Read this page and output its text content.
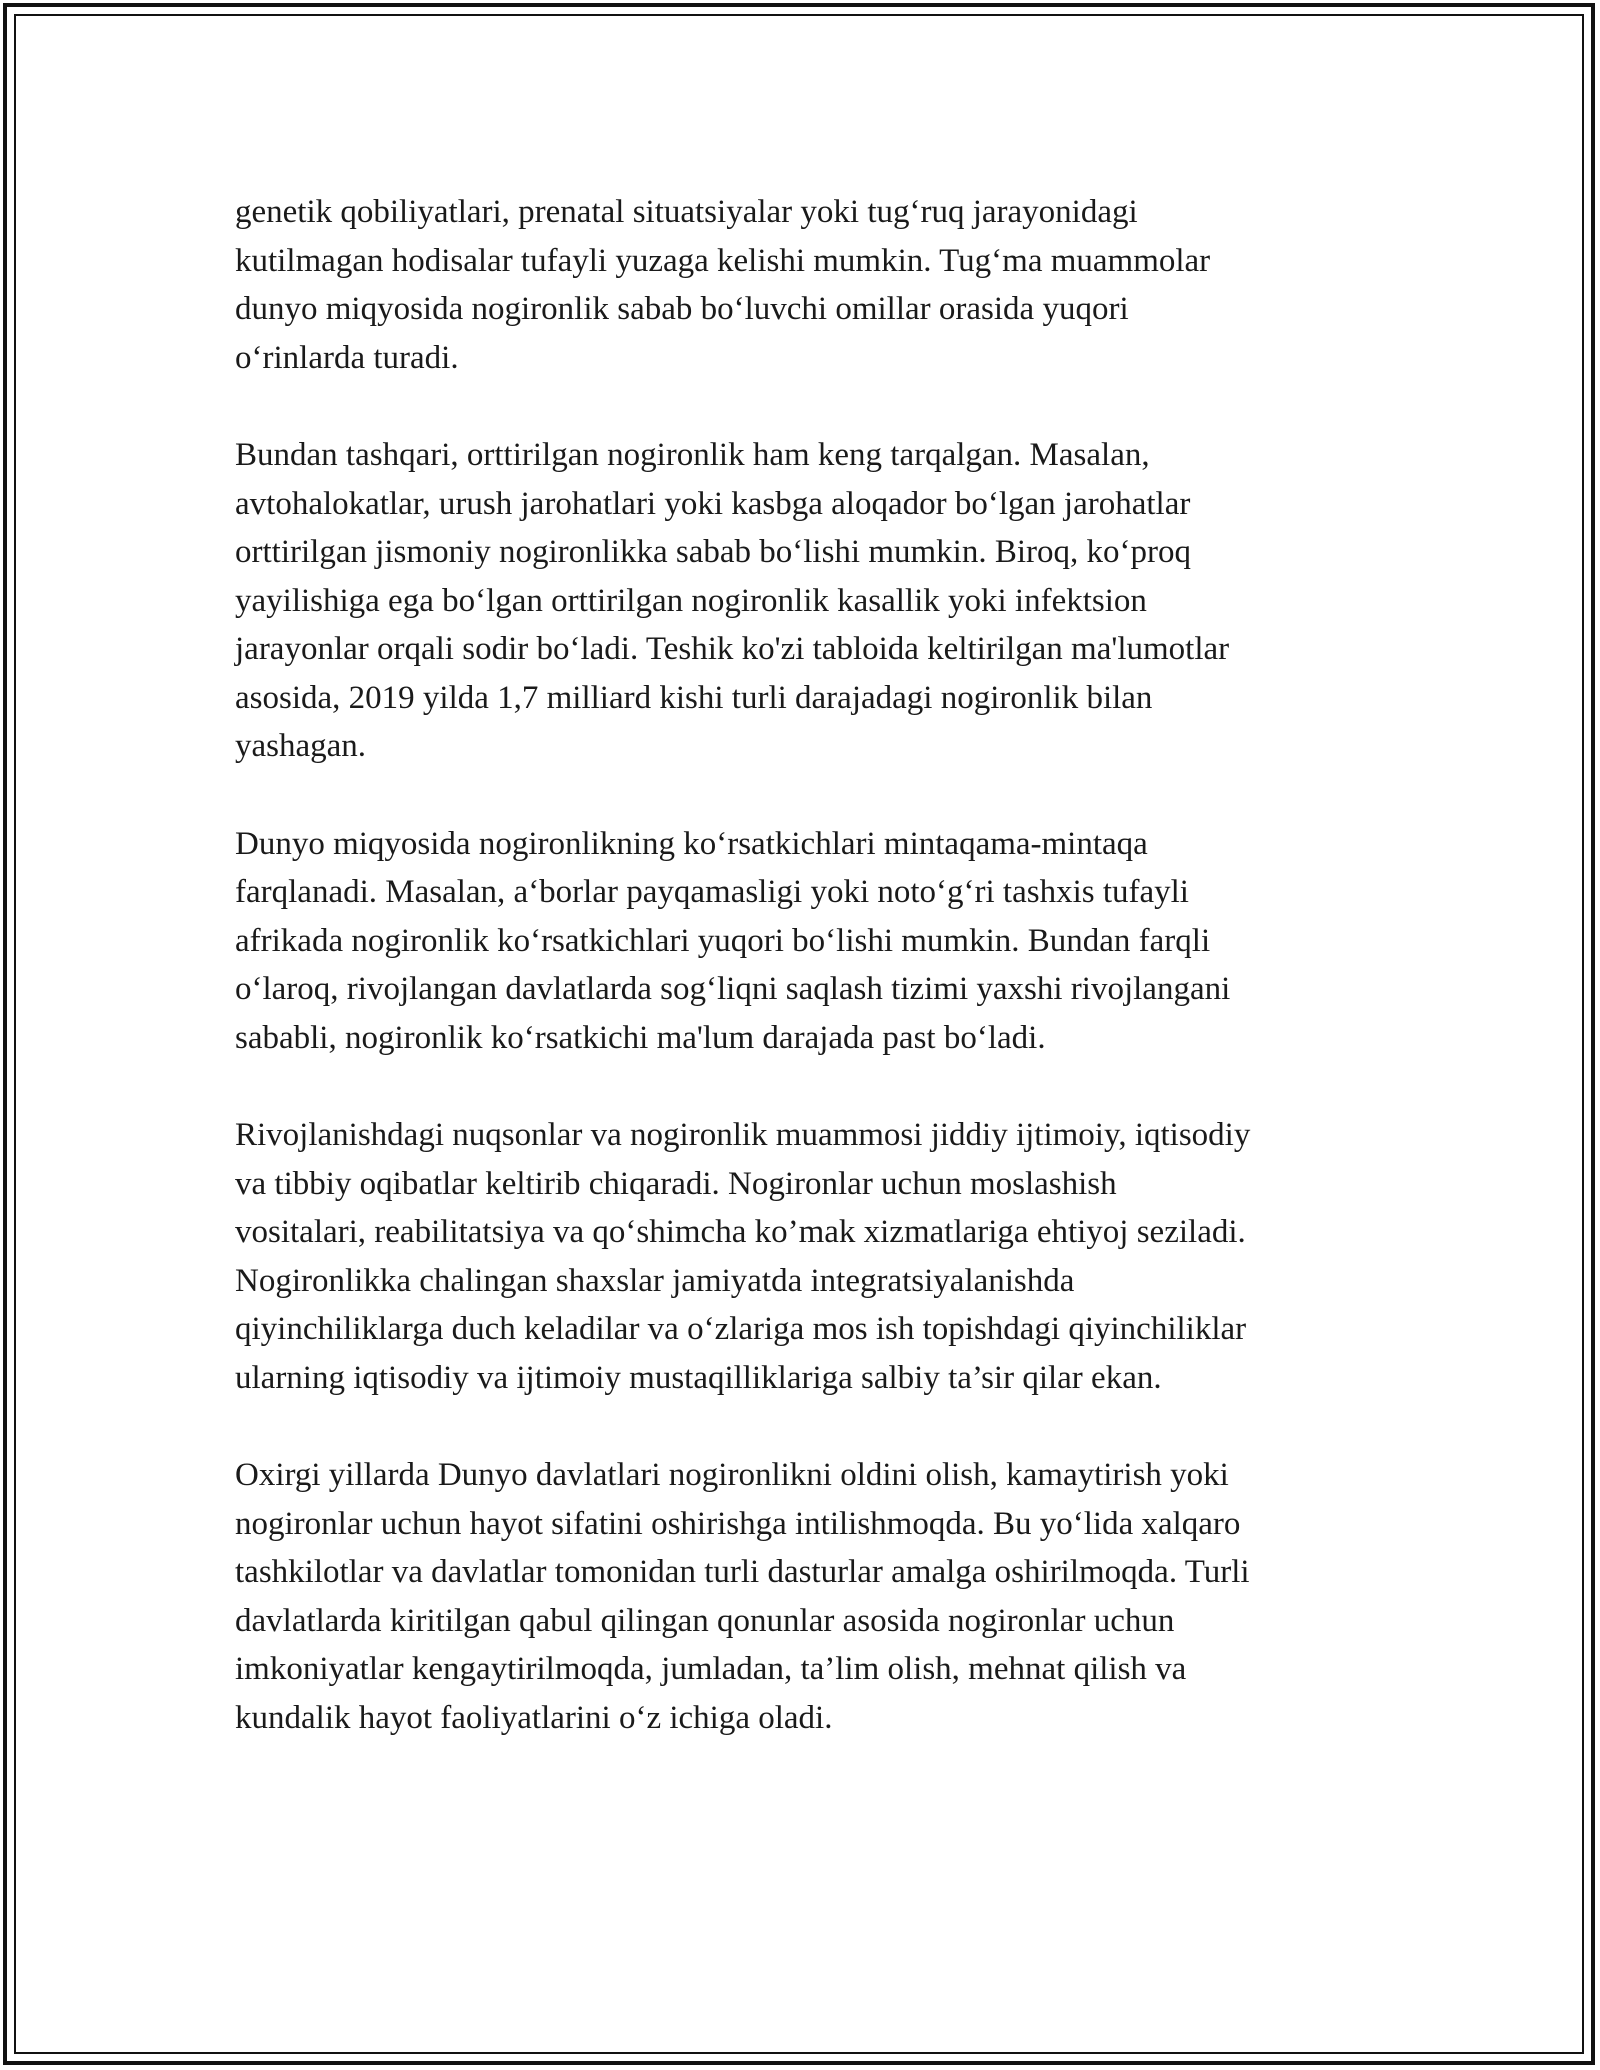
genetik qobiliyatlari, prenatal situatsiyalar yoki tug‘ruq jarayonidagi
kutilmagan hodisalar tufayli yuzaga kelishi mumkin. Tug‘ma muammolar
dunyo miqyosida nogironlik sabab bo‘luvchi omillar orasida yuqori
o‘rinlarda turadi.

Bundan tashqari, orttirilgan nogironlik ham keng tarqalgan. Masalan,
avtohalokatlar, urush jarohatlari yoki kasbga aloqador bo‘lgan jarohatlar
orttirilgan jismoniy nogironlikka sabab bo‘lishi mumkin. Biroq, ko‘proq
yayilishiga ega bo‘lgan orttirilgan nogironlik kasallik yoki infektsion
jarayonlar orqali sodir bo‘ladi. Teshik ko'zi tabloida keltirilgan ma'lumotlar
asosida, 2019 yilda 1,7 milliard kishi turli darajadagi nogironlik bilan
yashagan.

Dunyo miqyosida nogironlikning ko‘rsatkichlari mintaqama-mintaqa
farqlanadi. Masalan, a‘borlar payqamasligi yoki noto‘g‘ri tashxis tufayli
afrikada nogironlik ko‘rsatkichlari yuqori bo‘lishi mumkin. Bundan farqli
o‘laroq, rivojlangan davlatlarda sog‘liqni saqlash tizimi yaxshi rivojlangani
sababli, nogironlik ko‘rsatkichi ma'lum darajada past bo‘ladi.

Rivojlanishdagi nuqsonlar va nogironlik muammosi jiddiy ijtimoiy, iqtisodiy
va tibbiy oqibatlar keltirib chiqaradi. Nogironlar uchun moslashish
vositalari, reabilitatsiya va qo‘shimcha ko’mak xizmatlariga ehtiyoj seziladi.
Nogironlikka chalingan shaxslar jamiyatda integratsiyalanishda
qiyinchiliklarga duch keladilar va o‘zlariga mos ish topishdagi qiyinchiliklar
ularning iqtisodiy va ijtimoiy mustaqilliklariga salbiy ta’sir qilar ekan.

Oxirgi yillarda Dunyo davlatlari nogironlikni oldini olish, kamaytirish yoki
nogironlar uchun hayot sifatini oshirishga intilishmoqda. Bu yo‘lida xalqaro
tashkilotlar va davlatlar tomonidan turli dasturlar amalga oshirilmoqda. Turli
davlatlarda kiritilgan qabul qilingan qonunlar asosida nogironlar uchun
imkoniyatlar kengaytirilmoqda, jumladan, ta’lim olish, mehnat qilish va
kundalik hayot faoliyatlarini o‘z ichiga oladi.
